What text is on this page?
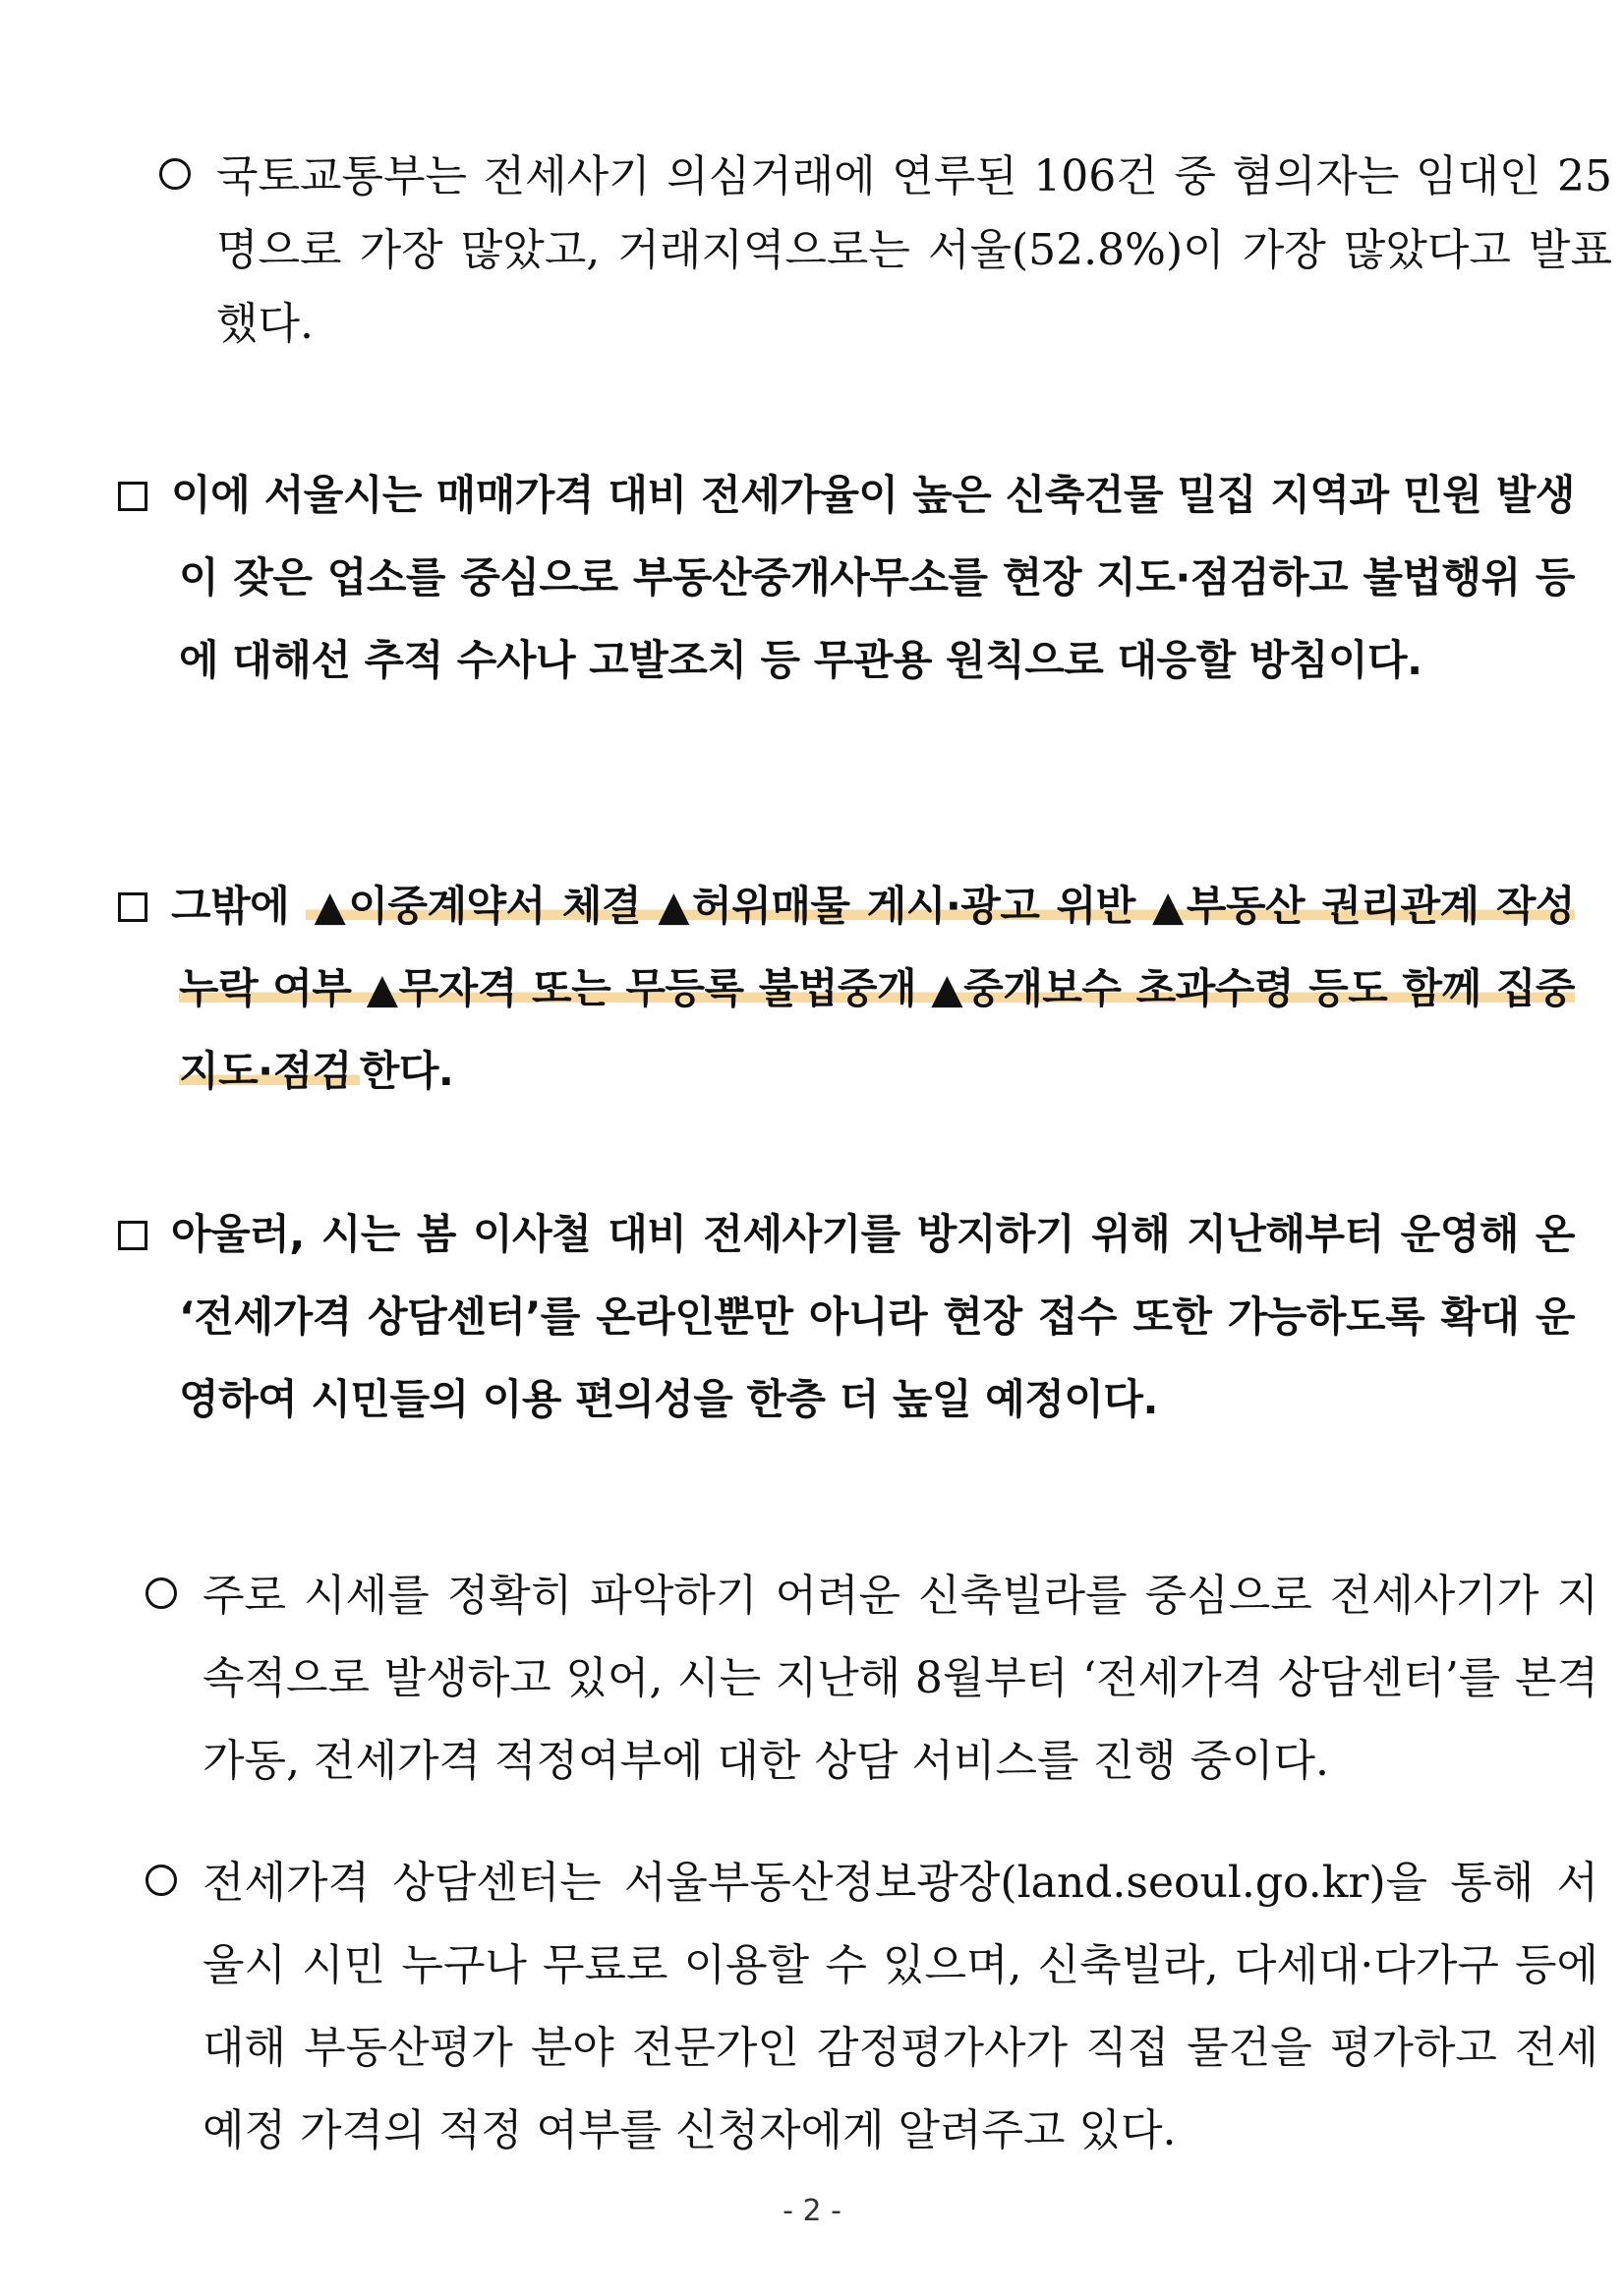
국토교통부는 전세사기 의심거래에 연루된 106건 중 혐의자는 임대인 25명으로 가장 많았고, 거래지역으로는 서울(52.8%)이 가장 많았다고 발표했다.
이에 서울시는 매매가격 대비 전세가율이 높은 신축건물 밀집 지역과 민원 발생이 잦은 업소를 중심으로 부동산중개사무소를 현장 지도·점검하고 불법행위 등에 대해선 추적 수사나 고발조치 등 무관용 원칙으로 대응할 방침이다.
그밖에 ▲이중계약서 체결 ▲허위매물 게시·광고 위반 ▲부동산 권리관계 작성 누락 여부 ▲무자격 또는 무등록 불법중개 ▲중개보수 초과수령 등도 함께 집중 지도·점검 한다.
아울러, 시는 봄 이사철 대비 전세사기를 방지하기 위해 지난해부터 운영해 온 ‘전세가격 상담센터’를 온라인뿐만 아니라 현장 접수 또한 가능하도록 확대 운영하여 시민들의 이용 편의성을 한층 더 높일 예정이다.
주로 시세를 정확히 파악하기 어려운 신축빌라를 중심으로 전세사기가 지속적으로 발생하고 있어, 시는 지난해 8월부터 ‘전세가격 상담센터’를 본격 가동, 전세가격 적정여부에 대한 상담 서비스를 진행 중이다.
전세가격 상담센터는 서울부동산정보광장(land.seoul.go.kr)을 통해 서울시 시민 누구나 무료로 이용할 수 있으며, 신축빌라, 다세대·다가구 등에 대해 부동산평가 분야 전문가인 감정평가사가 직접 물건을 평가하고 전세 예정 가격의 적정 여부를 신청자에게 알려주고 있다.
- 2 -
